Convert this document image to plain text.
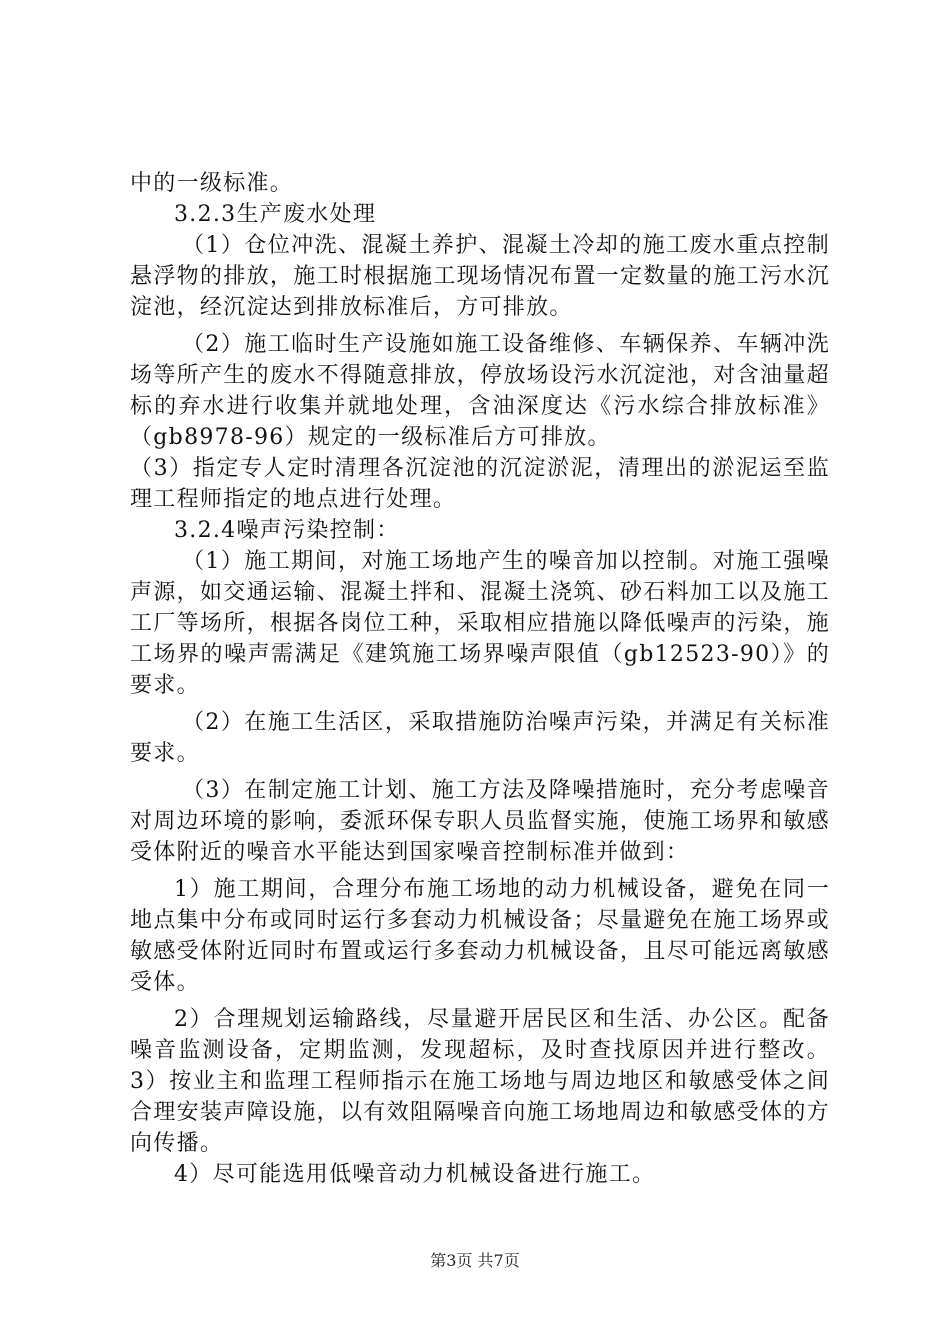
中的一级标准。

3.2.3生产废水处理

（1）仓位冲洗、混凝土养护、混凝土冷却的施工废水重点控制悬浮物的排放，施工时根据施工现场情况布置一定数量的施工污水沉淀池，经沉淀达到排放标准后，方可排放。

（2）施工临时生产设施如施工设备维修、车辆保养、车辆冲洗场等所产生的废水不得随意排放，停放场设污水沉淀池，对含油量超标的弃水进行收集并就地处理，含油深度达《污水综合排放标准》（gb8978-96）规定的一级标准后方可排放。

（3）指定专人定时清理各沉淀池的沉淀淤泥，清理出的淤泥运至监理工程师指定的地点进行处理。

3.2.4噪声污染控制：

（1）施工期间，对施工场地产生的噪音加以控制。对施工强噪声源，如交通运输、混凝土拌和、混凝土浇筑、砂石料加工以及施工工厂等场所，根据各岗位工种，采取相应措施以降低噪声的污染，施工场界的噪声需满足《建筑施工场界噪声限值（gb12523-90）》的要求。

（2）在施工生活区，采取措施防治噪声污染，并满足有关标准要求。

（3）在制定施工计划、施工方法及降噪措施时，充分考虑噪音对周边环境的影响，委派环保专职人员监督实施，使施工场界和敏感受体附近的噪音水平能达到国家噪音控制标准并做到：

1）施工期间，合理分布施工场地的动力机械设备，避免在同一地点集中分布或同时运行多套动力机械设备；尽量避免在施工场界或敏感受体附近同时布置或运行多套动力机械设备，且尽可能远离敏感受体。

2）合理规划运输路线，尽量避开居民区和生活、办公区。配备噪音监测设备，定期监测，发现超标，及时查找原因并进行整改。3）按业主和监理工程师指示在施工场地与周边地区和敏感受体之间合理安装声障设施，以有效阻隔噪音向施工场地周边和敏感受体的方向传播。

4）尽可能选用低噪音动力机械设备进行施工。

第3页 共7页
